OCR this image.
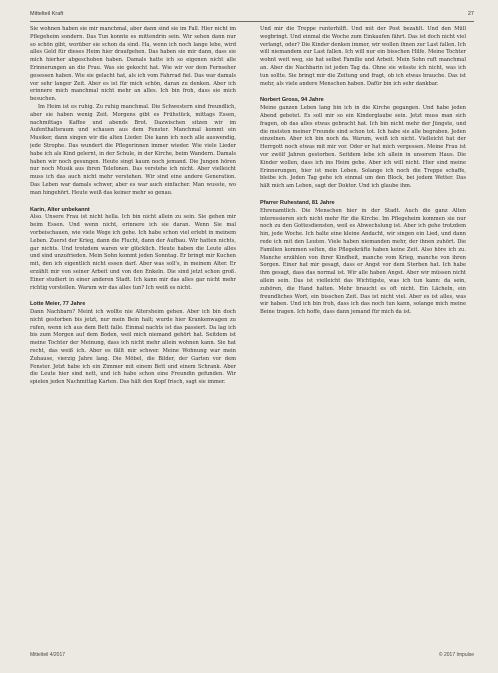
Mittelteil Kraft	27

Sie wohnen haben sie mir manchmal, aber dann sind sie im Fall. Hier nicht im Pflegeheim sondern. Das Tun konnte es mittendrin sein. Wir sehen dann nur so schön gibt, worüber sie schon da sind. Ha, wenn ich noch lange lebe, wird alles Geld für dieses Heim hier draufgehen. Das haben sie mir dann, dass sie mich hierher abgeschoben haben. Damals hatte ich so eigenen nicht alle Erinnerungen an die Frau. Was sie gekocht hat. Wie wir vor dem Fernseher gesessen haben. Wie sie gelacht hat, als ich vom Fahrrad fiel. Das war damals vor sehr langer Zeit. Aber es ist für mich schön, daran zu denken. Aber ich erinnere mich manchmal nicht mehr an alles. Ich bin froh, dass sie mich besuchen.

Im Heim ist es ruhig. Zu ruhig manchmal. Die Schwestern sind freundlich, aber sie haben wenig Zeit. Morgens gibt es Frühstück, mittags Essen, nachmittags Kaffee und abends Brot. Dazwischen sitzen wir im Aufenthaltsraum und schauen aus dem Fenster. Manchmal kommt ein Musiker, dann singen wir die alten Lieder. Die kann ich noch alle auswendig, jede Strophe. Das wundert die Pflegerinnen immer wieder. Wie viele Lieder habe ich als Kind gelernt, in der Schule, in der Kirche, beim Wandern. Damals haben wir noch gesungen. Heute singt kaum noch jemand. Die Jungen hören nur noch Musik aus ihren Telefonen. Das verstehe ich nicht. Aber vielleicht muss ich das auch nicht mehr verstehen. Wir sind eine andere Generation. Das Leben war damals schwer, aber es war auch einfacher. Man wusste, wo man hingehört. Heute weiß das keiner mehr so genau.

Karin, Alter unbekannt

Also. Unsere Frau ist nicht hella. Ich bin nicht allein zu sein. Sie gehen mir beim Essen. Und wenn nicht, erinnere ich sie daran. Wenn Sie mal vorbeischauen, wie viele Wege ich gehe. Ich habe schon viel erlebt in meinem Leben. Zuerst der Krieg, dann die Flucht, dann der Aufbau. Wir hatten nichts, gar nichts. Und trotzdem waren wir glücklich. Heute haben die Leute alles und sind unzufrieden. Mein Sohn kommt jeden Sonntag. Er bringt mir Kuchen mit, den ich eigentlich nicht essen darf. Aber was soll's, in meinem Alter. Er erzählt mir von seiner Arbeit und von den Enkeln. Die sind jetzt schon groß. Einer studiert in einer anderen Stadt. Ich kann mir das alles gar nicht mehr richtig vorstellen. Warum wir das alles tun? Ich weiß es nicht.

Lotte Meier, 77 Jahre

Dann Nachbarn? Meint ich wollte nie Altersheim gehen. Aber ich bin doch nicht gestorben bis jetzt, nur mein Bein halt; wurde hier Krankenwagen zu rufen, wenn ich aus dem Bett falle. Einmal nachts ist das passiert. Da lag ich bis zum Morgen auf dem Boden, weil mich niemand gehört hat. Seitdem ist meine Tochter der Meinung, dass ich nicht mehr allein wohnen kann. Sie hat recht, das weiß ich. Aber es fällt mir schwer. Meine Wohnung war mein Zuhause, vierzig Jahre lang. Die Möbel, die Bilder, der Garten vor dem Fenster. Jetzt habe ich ein Zimmer mit einem Bett und einem Schrank. Aber die Leute hier sind nett, und ich habe schon eine Freundin gefunden. Wir spielen jeden Nachmittag Karten. Das hält den Kopf frisch, sagt sie immer.

Und mir die Treppe runterhilft. Und mit der Post bezahlt. Und den Müll wegbringt. Und einmal die Woche zum Einkaufen fährt. Das ist doch nicht viel verlangt, oder? Die Kinder denken immer, wir wollen ihnen zur Last fallen. Ich will niemandem zur Last fallen. Ich will nur ein bisschen Hilfe. Meine Tochter wohnt weit weg, sie hat selbst Familie und Arbeit. Mein Sohn ruft manchmal an. Aber die Nachbarin ist jeden Tag da. Ohne sie wüsste ich nicht, was ich tun sollte. Sie bringt mir die Zeitung und fragt, ob ich etwas brauche. Das ist mehr, als viele andere Menschen haben. Dafür bin ich sehr dankbar.

Norbert Gross, 94 Jahre

Meine ganzen Leben lang bin ich in die Kirche gegangen. Und habe jeden Abend gebetet. Es soll mir so ein Kinderglaube sein. Jetzt muss man sich fragen, ob das alles etwas gebracht hat. Ich bin nicht mehr der Jüngste, und die meisten meiner Freunde sind schon tot. Ich habe sie alle begraben. Jeden einzelnen. Aber ich bin noch da. Warum, weiß ich nicht. Vielleicht hat der Herrgott noch etwas mit mir vor. Oder er hat mich vergessen. Meine Frau ist vor zwölf Jahren gestorben. Seitdem lebe ich allein in unserem Haus. Die Kinder wollen, dass ich ins Heim gehe. Aber ich will nicht. Hier sind meine Erinnerungen, hier ist mein Leben. Solange ich noch die Treppe schaffe, bleibe ich. Jeden Tag gehe ich einmal um den Block, bei jedem Wetter. Das hält mich am Leben, sagt der Doktor. Und ich glaube ihm.

Pfarrer Ruhestand, 81 Jahre

Ehrenamtlich. Die Menschen hier in der Stadt. Auch die ganz Alten interessieren sich nicht mehr für die Kirche. Im Pflegeheim kommen sie nur noch zu den Gottesdiensten, weil es Abwechslung ist. Aber ich gehe trotzdem hin, jede Woche. Ich halte eine kleine Andacht, wir singen ein Lied, und dann rede ich mit den Leuten. Viele haben niemanden mehr, der ihnen zuhört. Die Familien kommen selten, die Pflegekräfte haben keine Zeit. Also höre ich zu. Manche erzählen von ihrer Kindheit, manche vom Krieg, manche von ihren Sorgen. Einer hat mir gesagt, dass er Angst vor dem Sterben hat. Ich habe ihm gesagt, dass das normal ist. Wir alle haben Angst. Aber wir müssen nicht allein sein. Das ist vielleicht das Wichtigste, was ich tun kann: da sein, zuhören, die Hand halten. Mehr braucht es oft nicht. Ein Lächeln, ein freundliches Wort, ein bisschen Zeit. Das ist nicht viel. Aber es ist alles, was wir haben. Und ich bin froh, dass ich das noch tun kann, solange mich meine Beine tragen. Ich hoffe, dass dann jemand für mich da ist.

Mittelteil 4/2017	© 2017 Impulse
